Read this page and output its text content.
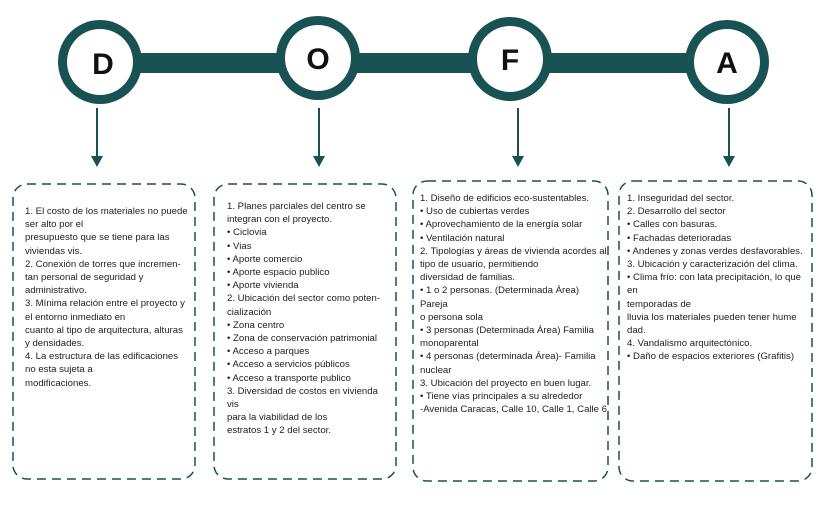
D	O	F	A
1. El costo de los materiales no puede
ser alto por el
presupuesto que se tiene para las
viviendas vis.
2. Conexión de torres que incremen-
tan personal de seguridad y
administrativo.
3. Mínima relación entre el proyecto y
el entorno inmediato en
cuanto al tipo de arquitectura, alturas
y densidades.
4. La estructura de las edificaciones
no esta sujeta a
modificaciones.
1. Planes parciales del centro se
integran con el proyecto.
• Ciclovia
• Vias
• Aporte comercio
• Aporte espacio publico
• Aporte vivienda
2. Ubicación del sector como poten-
cialización
• Zona centro
• Zona de conservación patrimonial
• Acceso a parques
• Acceso a servicios públicos
• Acceso a transporte publico
3. Diversidad de costos en vivienda vis
para la viabilidad de los
estratos 1 y 2 del sector.
1. Diseño de edificios eco-sustentables.
• Uso de cubiertas verdes
• Aprovechamiento de la energía solar
• Ventilación natural
2. Tipologías y áreas de vivienda acordes al
tipo de usuario, permitiendo
diversidad de familias.
• 1 o 2 personas. (Determinada Área) Pareja
o persona sola
• 3 personas (Determinada Área) Familia
monoparental
• 4 personas (determinada Área)- Familia
nuclear
3. Ubicación del proyecto en buen lugar.
• Tiene vías principales a su alrededor
-Avenida Caracas, Calle 10, Calle 1, Calle 6
1. Inseguridad del sector.
2. Desarrollo del sector
• Calles con basuras.
• Fachadas deterioradas
• Andenes y zonas verdes desfavorables.
3. Ubicación y caracterización del clima.
• Clima frío: con lata precipitación, lo que en
temporadas de
lluvia los materiales pueden tener hume
dad.
4. Vandalismo arquitectónico.
• Daño de espacios exteriores (Grafitis)
